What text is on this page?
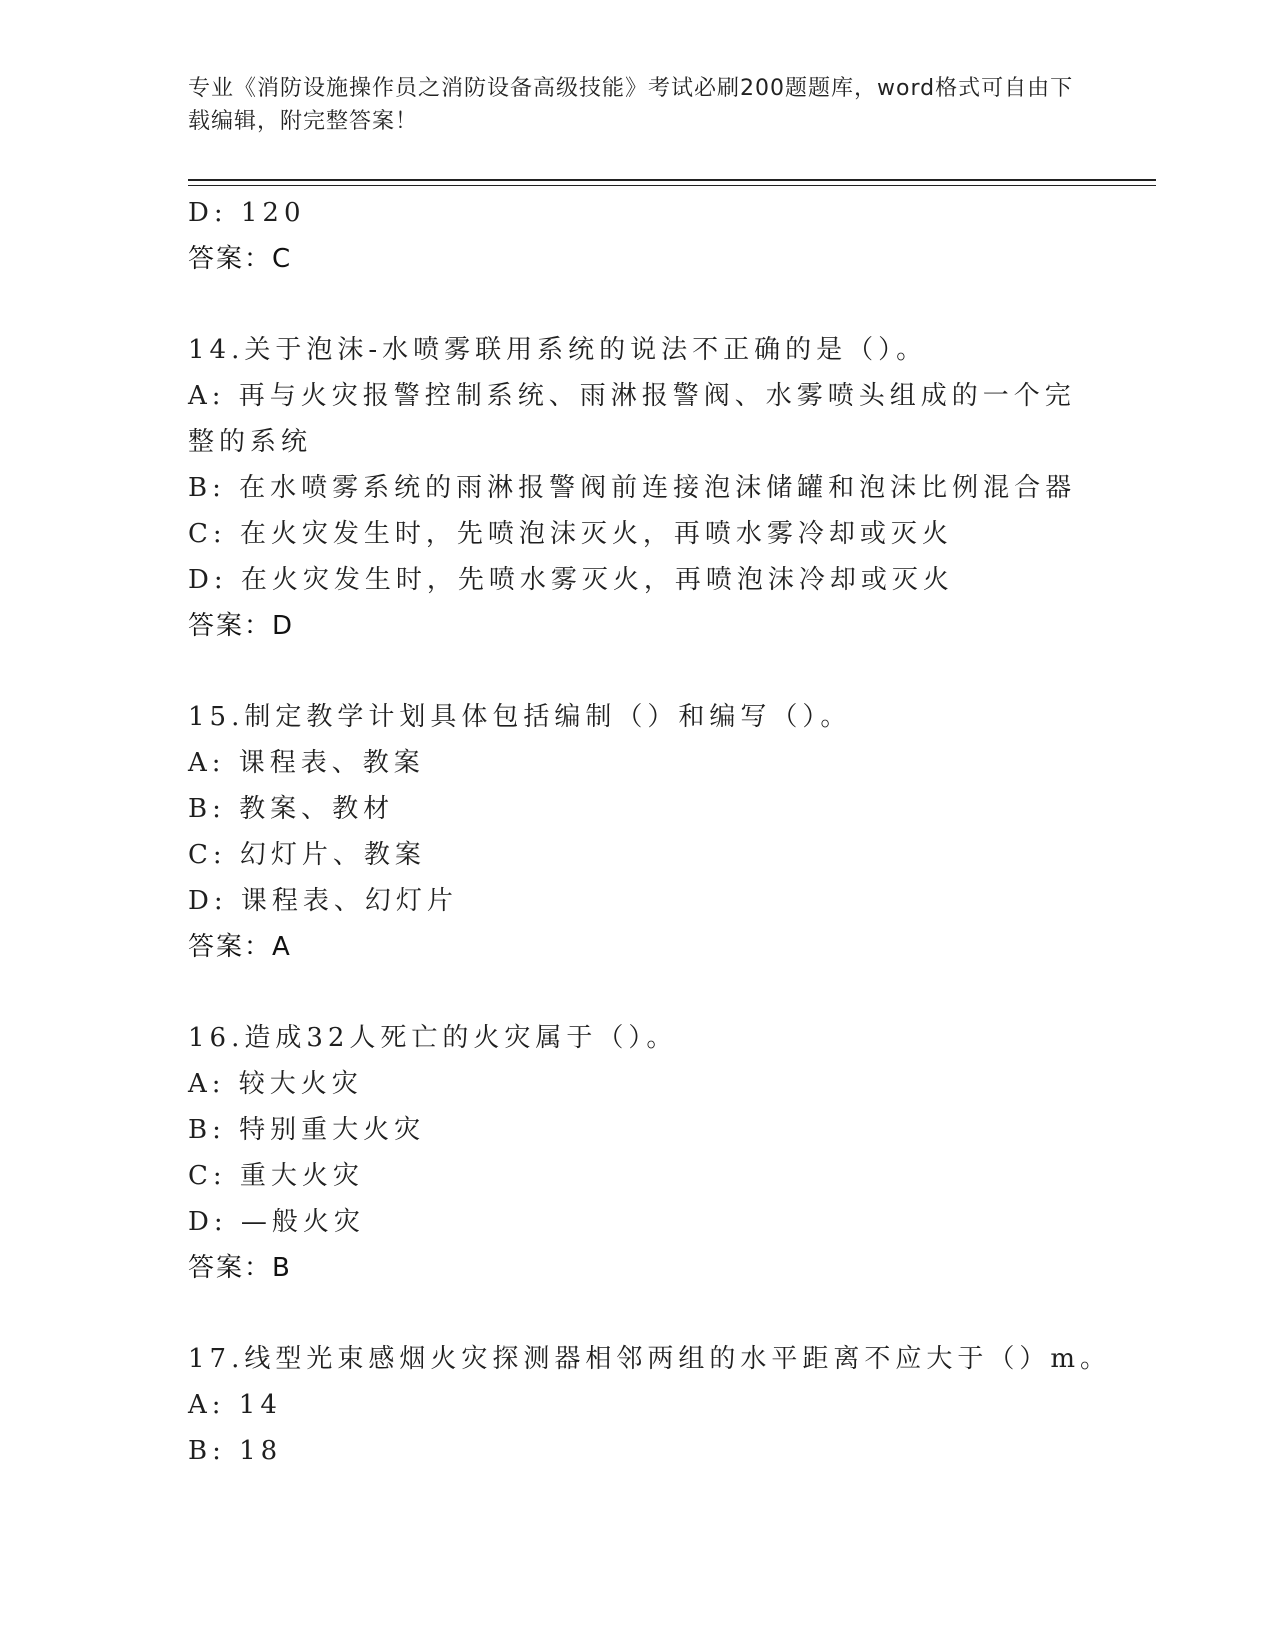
专业《消防设施操作员之消防设备高级技能》考试必刷200题题库，word格式可自由下载编辑，附完整答案！
D: 120
答案：C
14.关于泡沫-水喷雾联用系统的说法不正确的是（）。
A: 再与火灾报警控制系统、雨淋报警阀、水雾喷头组成的一个完整的系统
B: 在水喷雾系统的雨淋报警阀前连接泡沫储罐和泡沫比例混合器
C: 在火灾发生时，先喷泡沫灭火，再喷水雾冷却或灭火
D: 在火灾发生时，先喷水雾灭火，再喷泡沫冷却或灭火
答案：D
15.制定教学计划具体包括编制（）和编写（）。
A: 课程表、教案
B: 教案、教材
C: 幻灯片、教案
D: 课程表、幻灯片
答案：A
16.造成32人死亡的火灾属于（）。
A: 较大火灾
B: 特别重大火灾
C: 重大火灾
D: —般火灾
答案：B
17.线型光束感烟火灾探测器相邻两组的水平距离不应大于（）m。
A: 14
B: 18
